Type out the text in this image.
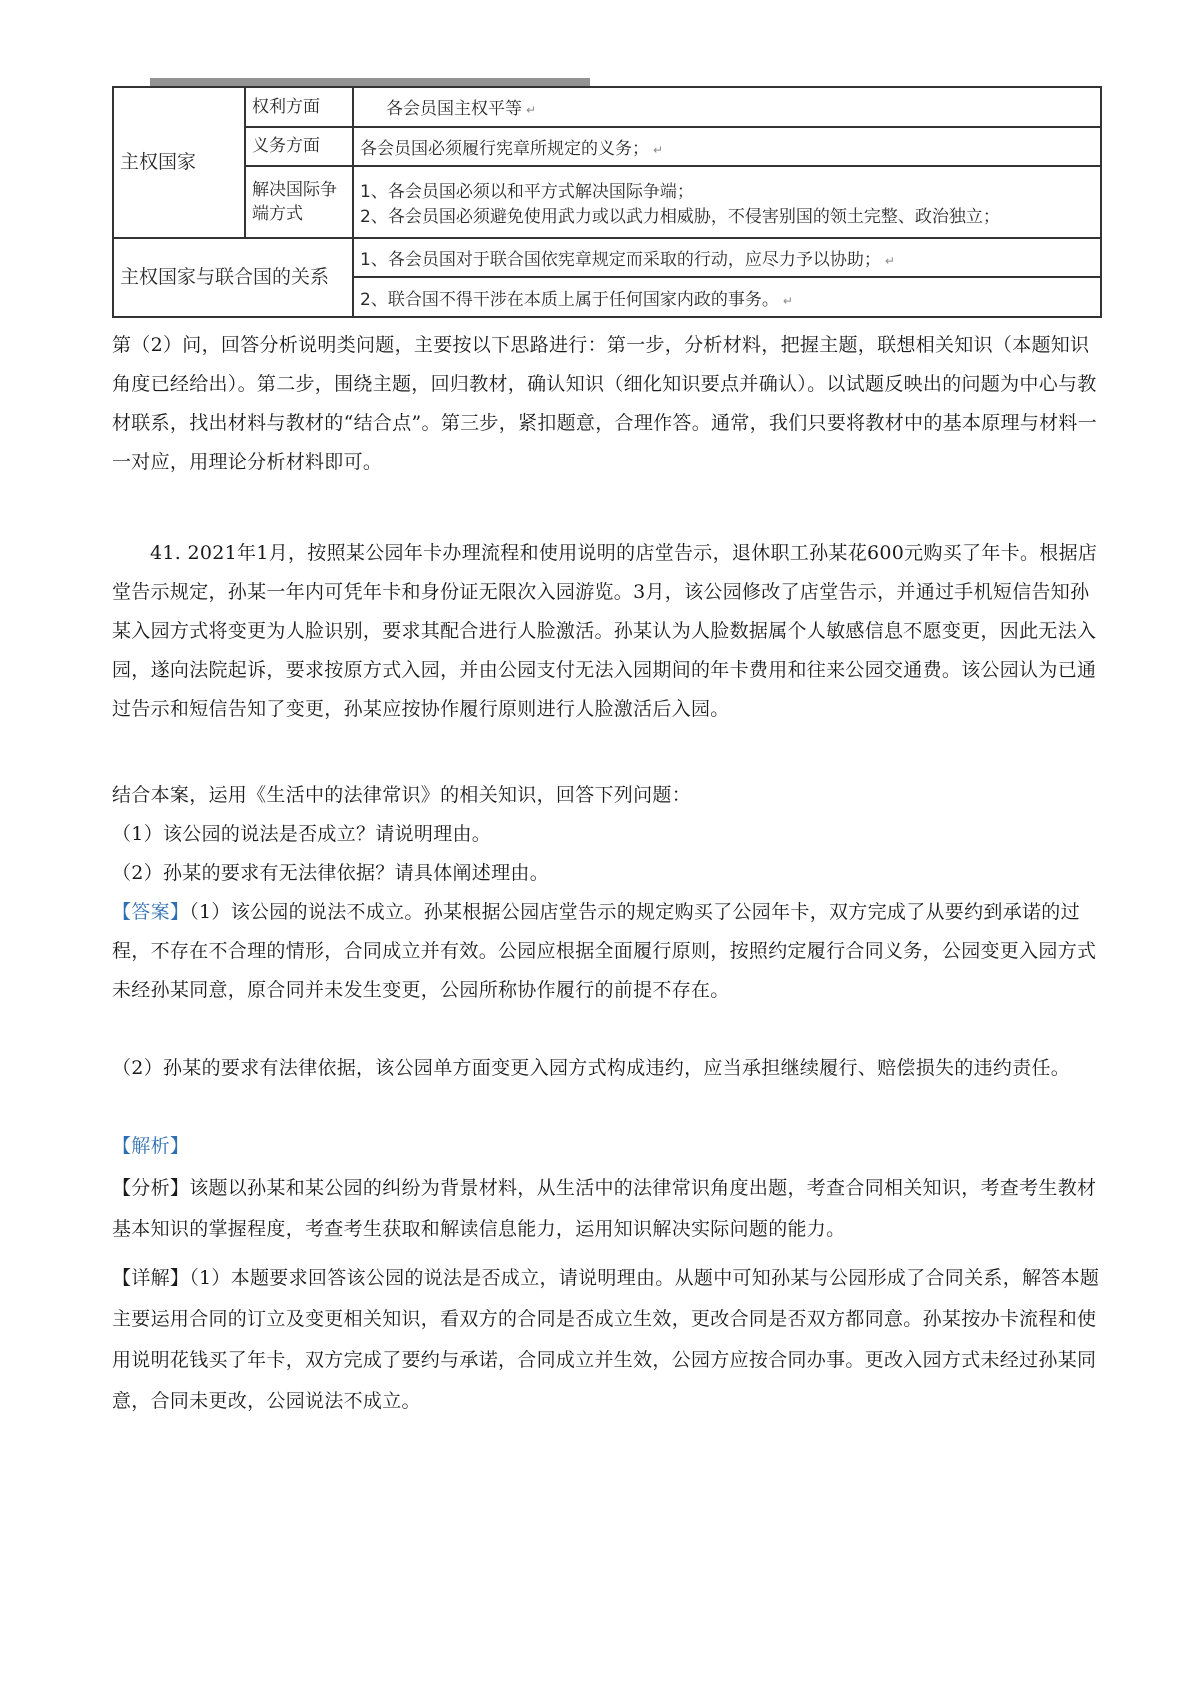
主权国家	权利方面	各会员国主权平等 ↵
	义务方面	各会员国必须履行宪章所规定的义务； ↵
	解决国际争端方式	1、各会员国必须以和平方式解决国际争端；
2、各会员国必须避免使用武力或以武力相威胁，不侵害别国的领土完整、政治独立；

主权国家与联合国的关系		1、各会员国对于联合国依宪章规定而采取的行动，应尽力予以协助； ↵
		2、联合国不得干涉在本质上属于任何国家内政的事务。 ↵
第（2）问，回答分析说明类问题，主要按以下思路进行：第一步，分析材料，把握主题，联想相关知识（本题知识角度已经给出）。第二步，围绕主题，回归教材，确认知识（细化知识要点并确认）。以试题反映出的问题为中心与教材联系，找出材料与教材的“结合点”。第三步，紧扣题意，合理作答。通常，我们只要将教材中的基本原理与材料一一对应，用理论分析材料即可。
41. 2021年1月，按照某公园年卡办理流程和使用说明的店堂告示，退休职工孙某花600元购买了年卡。根据店堂告示规定，孙某一年内可凭年卡和身份证无限次入园游览。3月，该公园修改了店堂告示，并通过手机短信告知孙某入园方式将变更为人脸识别，要求其配合进行人脸激活。孙某认为人脸数据属个人敏感信息不愿变更，因此无法入园，遂向法院起诉，要求按原方式入园，并由公园支付无法入园期间的年卡费用和往来公园交通费。该公园认为已通过告示和短信告知了变更，孙某应按协作履行原则进行人脸激活后入园。
结合本案，运用《生活中的法律常识》的相关知识，回答下列问题：
（1）该公园的说法是否成立？请说明理由。
（2）孙某的要求有无法律依据？请具体阐述理由。
【答案】（1）该公园的说法不成立。孙某根据公园店堂告示的规定购买了公园年卡，双方完成了从要约到承诺的过程，不存在不合理的情形，合同成立并有效。公园应根据全面履行原则，按照约定履行合同义务，公园变更入园方式未经孙某同意，原合同并未发生变更，公园所称协作履行的前提不存在。
（2）孙某的要求有法律依据，该公园单方面变更入园方式构成违约，应当承担继续履行、赔偿损失的违约责任。
【解析】
【分析】该题以孙某和某公园的纠纷为背景材料，从生活中的法律常识角度出题，考查合同相关知识，考查考生教材基本知识的掌握程度，考查考生获取和解读信息能力，运用知识解决实际问题的能力。
【详解】（1）本题要求回答该公园的说法是否成立，请说明理由。从题中可知孙某与公园形成了合同关系，解答本题主要运用合同的订立及变更相关知识，看双方的合同是否成立生效，更改合同是否双方都同意。孙某按办卡流程和使用说明花钱买了年卡，双方完成了要约与承诺，合同成立并生效，公园方应按合同办事。更改入园方式未经过孙某同意，合同未更改，公园说法不成立。
